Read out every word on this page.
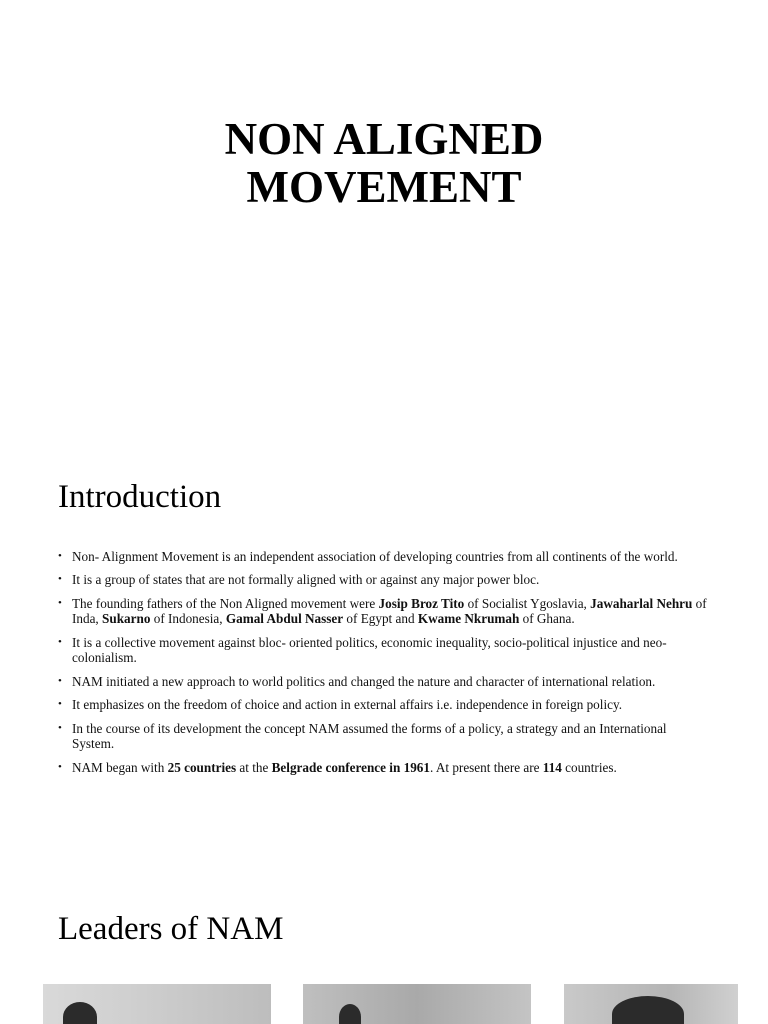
NON ALIGNED
MOVEMENT
Introduction
• Non- Alignment Movement is an independent association of developing countries from all continents of the world.
• It is a group of states that are not formally aligned with or against any major power bloc.
• The founding fathers of the Non Aligned movement were Josip Broz Tito of Socialist Ygoslavia, Jawaharlal Nehru of Inda, Sukarno of Indonesia, Gamal Abdul Nasser of Egypt and Kwame Nkrumah of Ghana.
• It is a collective movement against bloc- oriented politics, economic inequality, socio-political injustice and neo-colonialism.
• NAM initiated a new approach to world politics and changed the nature and character of international relation.
• It emphasizes on the freedom of choice and action in external affairs i.e. independence in foreign policy.
• In the course of its development the concept NAM assumed the forms of a policy, a strategy and an International System.
• NAM began with 25 countries at the Belgrade conference in 1961. At present there are 114 countries.
Leaders of NAM
